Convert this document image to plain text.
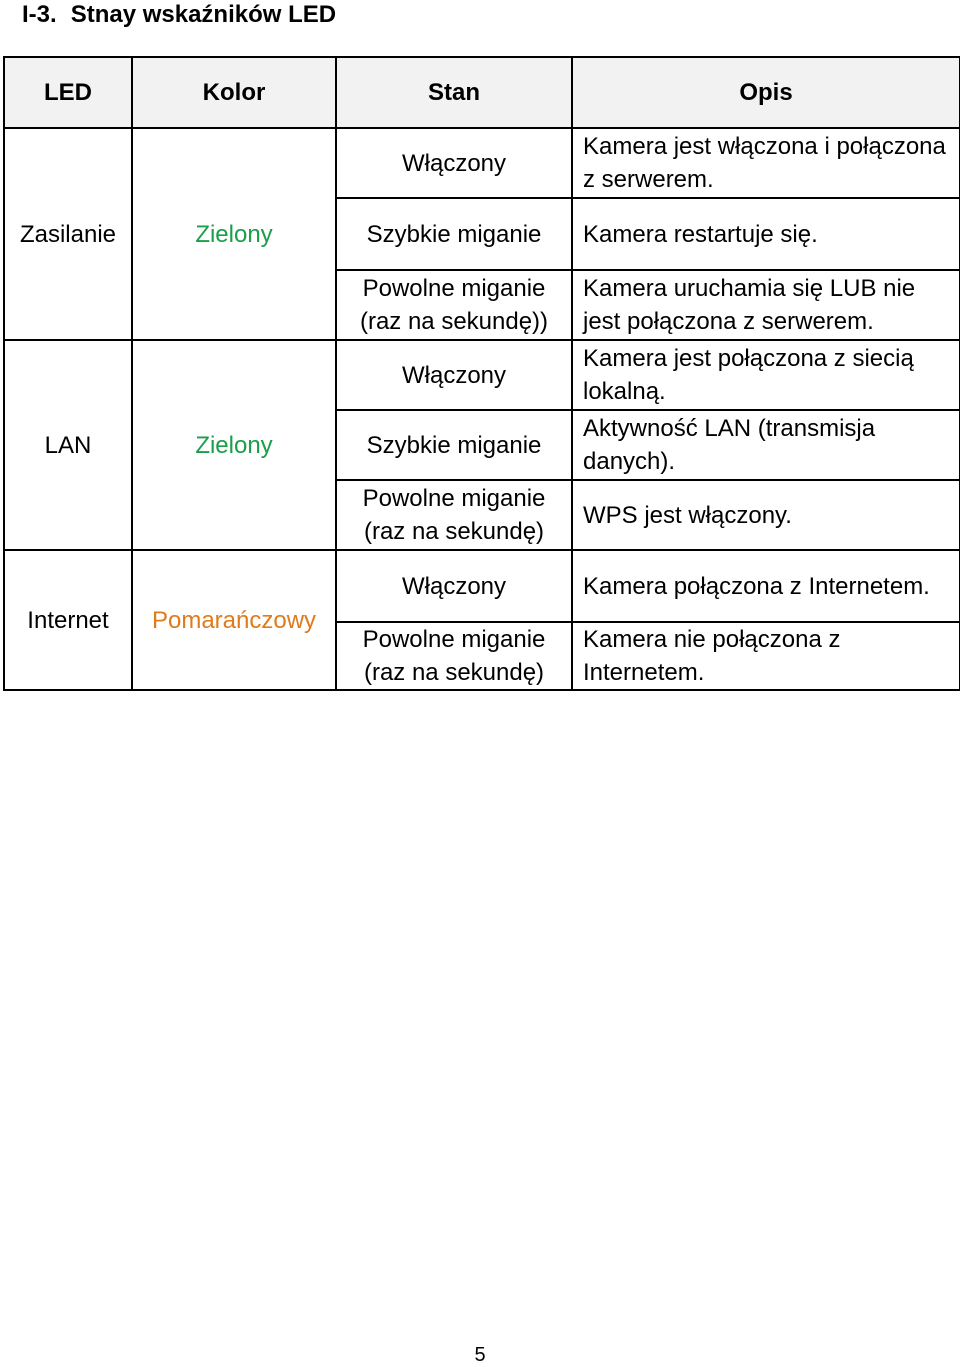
I-3. Stnay wskaźników LED
LED	Kolor	Stan	Opis
Zasilanie	Zielony	Włączony	Kamera jest włączona i połączona z serwerem.
		Szybkie miganie	Kamera restartuje się.
		Powolne miganie (raz na sekundę))	Kamera uruchamia się LUB nie jest połączona z serwerem.
LAN	Zielony	Włączony	Kamera jest połączona z siecią lokalną.
		Szybkie miganie	Aktywność LAN (transmisja danych).
		Powolne miganie (raz na sekundę)	WPS jest włączony.
Internet	Pomarańczowy	Włączony	Kamera połączona z Internetem.
		Powolne miganie (raz na sekundę)	Kamera nie połączona z Internetem.
5
